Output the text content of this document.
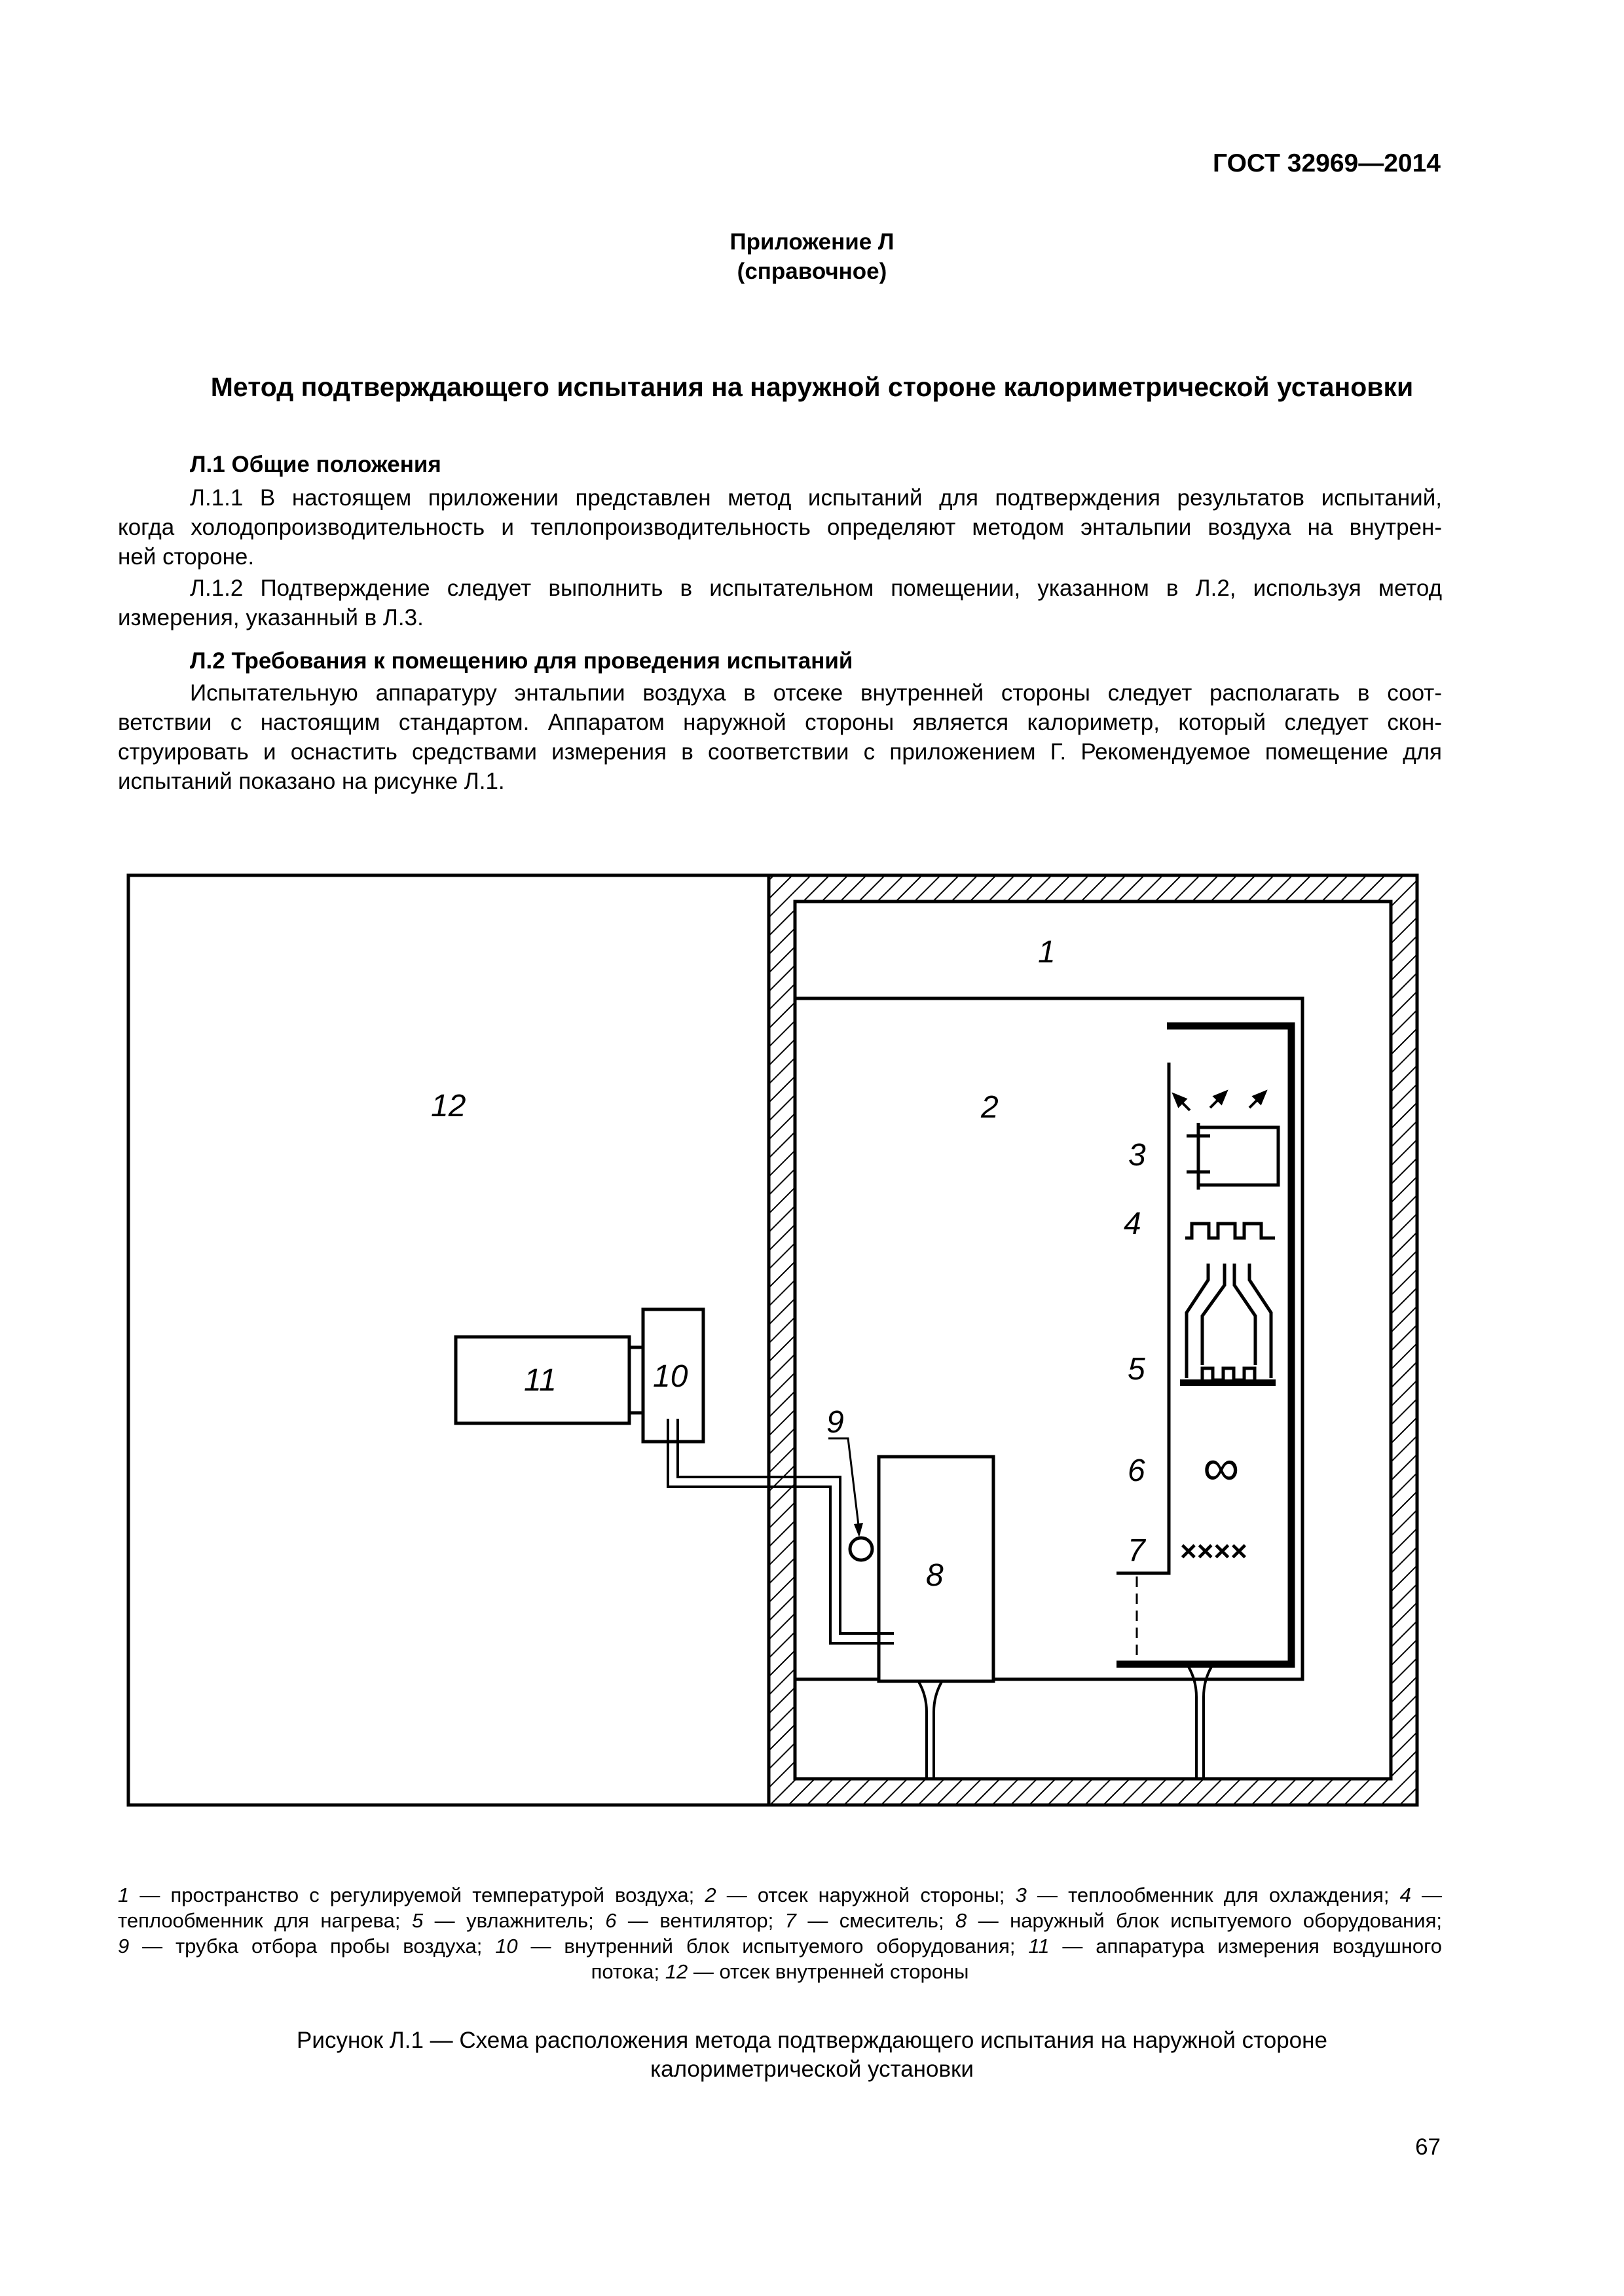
ГОСТ 32969—2014
Приложение Л
(справочное)
Метод подтверждающего испытания на наружной стороне калориметрической установки
Л.1 Общие положения
Л.1.1 В настоящем приложении представлен метод испытаний для подтверждения результатов испытаний,
когда холодопроизводительность и теплопроизводительность определяют методом энтальпии воздуха на внутрен-
ней стороне.
Л.1.2 Подтверждение следует выполнить в испытательном помещении, указанном в Л.2, используя метод
измерения, указанный в Л.3.
Л.2 Требования к помещению для проведения испытаний
Испытательную аппаратуру энтальпии воздуха в отсеке внутренней стороны следует располагать в соот-
ветствии с настоящим стандартом. Аппаратом наружной стороны является калориметр, который следует скон-
струировать и оснастить средствами измерения в соответствии с приложением Г. Рекомендуемое помещение для
испытаний показано на рисунке Л.1.
1
2
3
4
5
6
7
8
9
10
11
12
∞
××××
1 — пространство с регулируемой температурой воздуха; 2 — отсек наружной стороны; 3 — теплообменник для охлаждения; 4 —
теплообменник для нагрева; 5 — увлажнитель; 6 — вентилятор; 7 — смеситель; 8 — наружный блок испытуемого оборудования;
9 — трубка отбора пробы воздуха; 10 — внутренний блок испытуемого оборудования; 11 — аппаратура измерения воздушного
потока; 12 — отсек внутренней стороны
Рисунок Л.1 — Схема расположения метода подтверждающего испытания на наружной стороне
калориметрической установки
67
